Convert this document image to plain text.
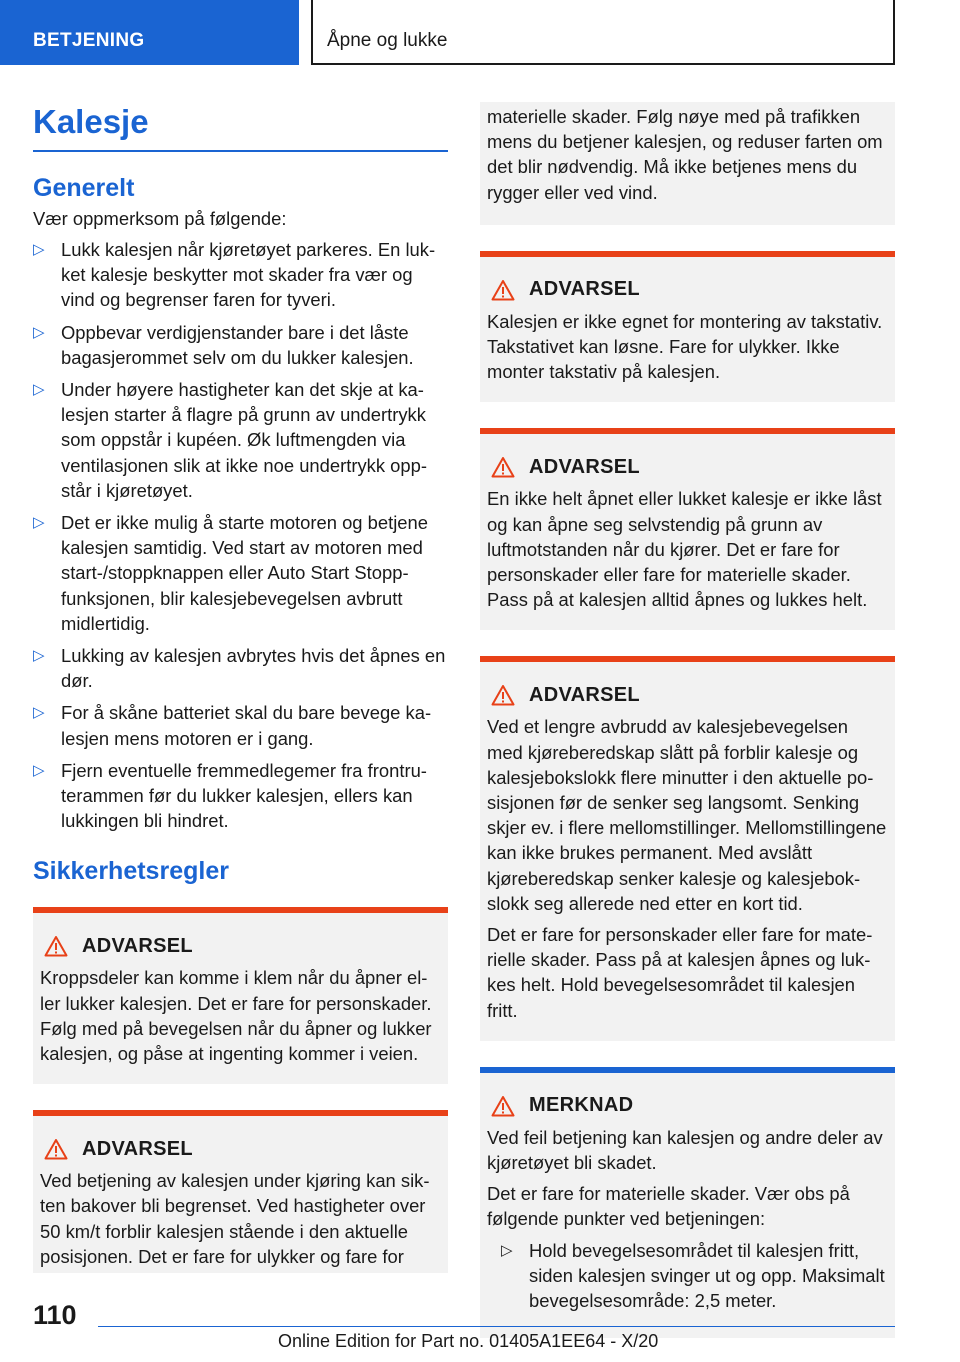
BETJENING	Åpne og lukke
Kalesje
Generelt

Vær oppmerksom på følgende:

▷ Lukk kalesjen når kjøretøyet parkeres. En lukket kalesje beskytter mot skader fra vær og vind og begrenser faren for tyveri.
▷ Oppbevar verdigjenstander bare i det låste bagasjerommet selv om du lukker kalesjen.
▷ Under høyere hastigheter kan det skje at kalesjen starter å flagre på grunn av undertrykk som oppstår i kupéen. Øk luftmengden via ventilasjonen slik at ikke noe undertrykk oppstår i kjøretøyet.
▷ Det er ikke mulig å starte motoren og betjene kalesjen samtidig. Ved start av motoren med start-/stoppknappen eller Auto Start Stopp-funksjonen, blir kalesjebevegelsen avbrutt midlertidig.
▷ Lukking av kalesjen avbrytes hvis det åpnes en dør.
▷ For å skåne batteriet skal du bare bevege kalesjen mens motoren er i gang.
▷ Fjern eventuelle fremmedlegemer fra frontruterammen før du lukker kalesjen, ellers kan lukkingen bli hindret.
Sikkerhetsregler
ADVARSEL

Kroppsdeler kan komme i klem når du åpner eller lukker kalesjen. Det er fare for personskader. Følg med på bevegelsen når du åpner og lukker kalesjen, og påse at ingenting kommer i veien.

ADVARSEL

Ved betjening av kalesjen under kjøring kan sikten bakover bli begrenset. Ved hastigheter over 50 km/t forblir kalesjen stående i den aktuelle posisjonen. Det er fare for ulykker og fare for

materielle skader. Følg nøye med på trafikken mens du betjener kalesjen, og reduser farten om det blir nødvendig. Må ikke betjenes mens du rygger eller ved vind.

ADVARSEL

Kalesjen er ikke egnet for montering av takstativ. Takstativet kan løsne. Fare for ulykker. Ikke monter takstativ på kalesjen.

ADVARSEL

En ikke helt åpnet eller lukket kalesje er ikke låst og kan åpne seg selvstendig på grunn av luftmotstanden når du kjører. Det er fare for personskader eller fare for materielle skader. Pass på at kalesjen alltid åpnes og lukkes helt.

ADVARSEL

Ved et lengre avbrudd av kalesjebevegelsen med kjøreberedskap slått på forblir kalesje og kalesjebokslokk flere minutter i den aktuelle posisjonen før de senker seg langsomt. Senking skjer ev. i flere mellomstillinger. Mellomstillingene kan ikke brukes permanent. Med avslått kjøreberedskap senker kalesje og kalesjebokslokk seg allerede ned etter en kort tid.

Det er fare for personskader eller fare for materielle skader. Pass på at kalesjen åpnes og lukkes helt. Hold bevegelsesområdet til kalesjen fritt.

MERKNAD

Ved feil betjening kan kalesjen og andre deler av kjøretøyet bli skadet.

Det er fare for materielle skader. Vær obs på følgende punkter ved betjeningen:

▷ Hold bevegelsesområdet til kalesjen fritt, siden kalesjen svinger ut og opp. Maksimalt bevegelsesområde: 2,5 meter.
110
Online Edition for Part no. 01405A1EE64 - X/20
